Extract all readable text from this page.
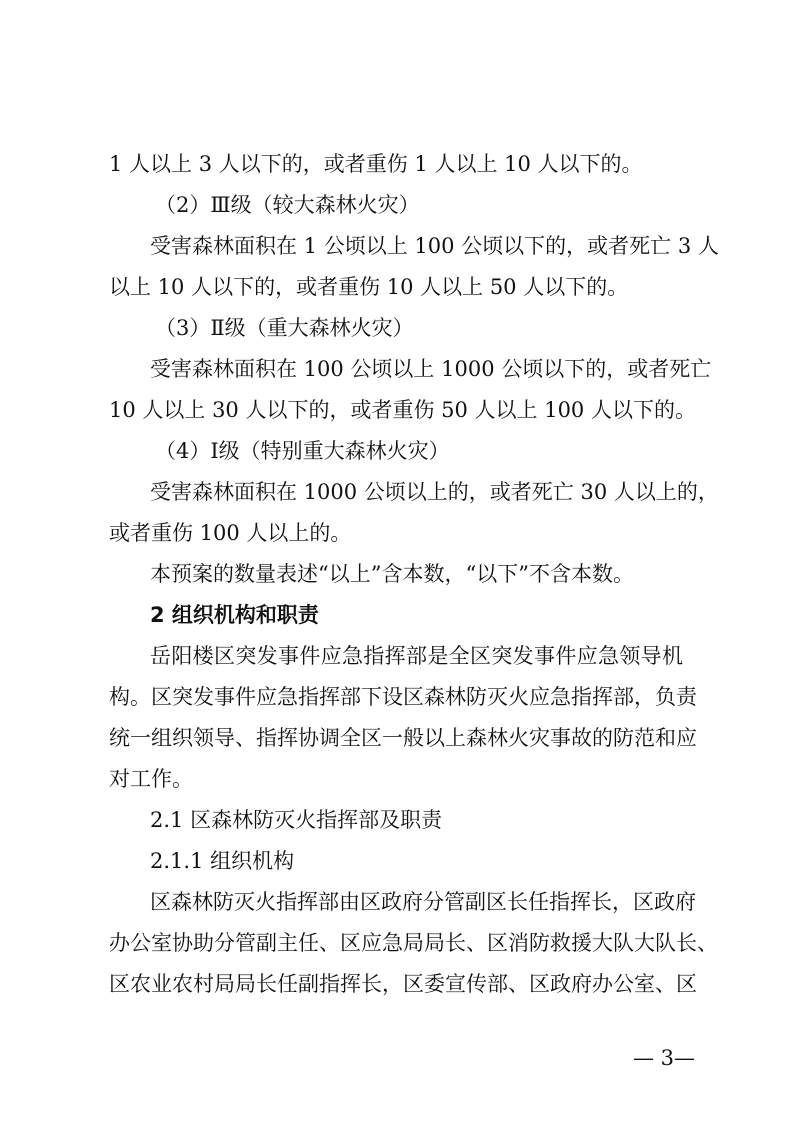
1 人以上 3 人以下的，或者重伤 1 人以上 10 人以下的。
（2）Ⅲ级（较大森林火灾）
受害森林面积在 1 公顷以上 100 公顷以下的，或者死亡 3 人
以上 10 人以下的，或者重伤 10 人以上 50 人以下的。
（3）Ⅱ级（重大森林火灾）
受害森林面积在 100 公顷以上 1000 公顷以下的，或者死亡
10 人以上 30 人以下的，或者重伤 50 人以上 100 人以下的。
（4）Ⅰ级（特别重大森林火灾）
受害森林面积在 1000 公顷以上的，或者死亡 30 人以上的，
或者重伤 100 人以上的。
本预案的数量表述“以上”含本数，“以下”不含本数。
2 组织机构和职责
岳阳楼区突发事件应急指挥部是全区突发事件应急领导机
构。区突发事件应急指挥部下设区森林防灭火应急指挥部，负责
统一组织领导、指挥协调全区一般以上森林火灾事故的防范和应
对工作。
2.1 区森林防灭火指挥部及职责
2.1.1 组织机构
区森林防灭火指挥部由区政府分管副区长任指挥长，区政府
办公室协助分管副主任、区应急局局长、区消防救援大队大队长、
区农业农村局局长任副指挥长，区委宣传部、区政府办公室、区
— 3—
